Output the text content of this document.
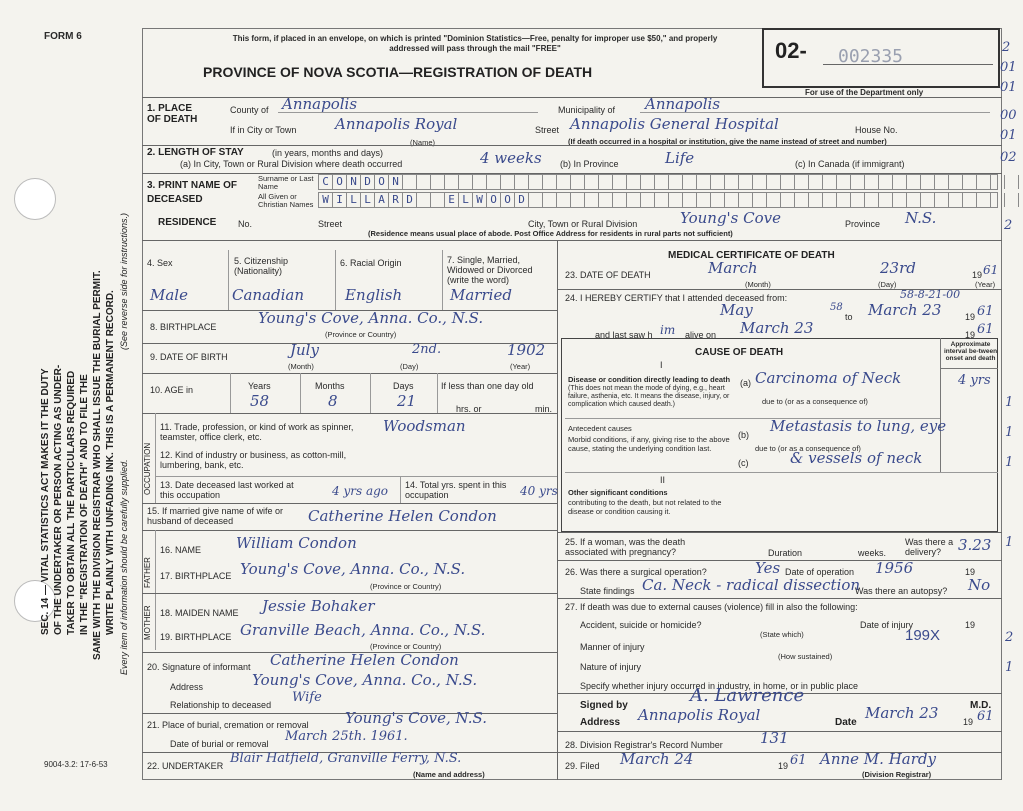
FORM 6
SEC. 14 — VITAL STATISTICS ACT MAKES IT THE DUTY OF THE UNDERTAKER OR PERSON ACTING AS UNDER- TAKER TO OBTAIN ALL THE PARTICULARS REQUIRED IN THE "REGISTRATION OF DEATH" AND TO FILE THE SAME WITH THE DIVISION REGISTRAR WHO SHALL ISSUE THE BURIAL PERMIT. WRITE PLAINLY WITH UNFADING INK. THIS IS A PERMANENT RECORD. Every item of information should be carefully supplied.
(See reverse side for instructions.)
9004-3.2: 17-6-53
This form, if placed in an envelope, on which is printed "Dominion Statistics—Free, penalty for improper use $50," and properly addressed will pass through the mail "FREE"
PROVINCE OF NOVA SCOTIA—REGISTRATION OF DEATH
02- 002335
For use of the Department only
2
01
01
00
02
01
2
1. PLACE OF DEATH
County of Annapolis	Municipality of Annapolis
If in City or Town	Annapolis Royal
(Name)
Street Annapolis General Hospital	House No.
(If death occurred in a hospital or institution, give the name instead of street and number)
2. LENGTH OF STAY	(in years, months and days)
(a) In City, Town or Rural Division where death occurred	4 weeks (b) In Province	Life	(c) In Canada (if immigrant)
3. PRINT NAME OF DECEASED
Surname or Last Name
All Given or Christian Names
C O N D O N
W I L L A R D	E L W O O D
RESIDENCE No.	Street	City, Town or Rural Division	Young's Cove	Province N.S.
(Residence means usual place of abode. Post Office Address for residents in rural parts not sufficient)
4. Sex	5. Citizenship (Nationality)
6. Racial Origin	7. Single, Married, Widowed or Divorced (write the word)
Male	Canadian	English	Married
8. BIRTHPLACE	Young's Cove, Anna. Co., N.S.
(Province or Country)
9. DATE OF BIRTH	July	2nd.	1902
(Month)	(Day)	(Year)
10. AGE in	Years	Months	Days
58	8	21
If less than one day old
hrs. or	min.
OCCUPATION
11. Trade, profession, or kind of work as spinner, teamster, office clerk, etc.
Woodsman
12. Kind of industry or business, as cotton-mill, lumbering, bank, etc.
13. Date deceased last worked at this occupation	4 yrs ago 14. Total yrs. spent in this occupation	40 yrs
15. If married give name of wife or husband of deceased	Catherine Helen Condon
FATHER
MOTHER
16. NAME William Condon
17. BIRTHPLACE Young's Cove, Anna. Co., N.S.
(Province or Country)
18. MAIDEN NAME Jessie Bohaker
19. BIRTHPLACE Granville Beach, Anna. Co., N.S.
(Province or Country)
20. Signature of informant Catherine Helen Condon
Address	Young's Cove, Anna. Co., N.S.
Relationship to deceased Wife
21. Place of burial, cremation or removal Young's Cove, N.S.
Date of burial or removal March 25th. 1961.
22. UNDERTAKER Blair Hatfield, Granville Ferry, N.S.
(Name and address)
MEDICAL CERTIFICATE OF DEATH
23. DATE OF DEATH	March	23rd	19 61
(Month)	(Day)	(Year)
24. I HEREBY CERTIFY that I attended deceased from:	58-8-21-00
May	58
to March 23	19 61
and last saw h im alive on March 23	19 61
CAUSE OF DEATH
Approximate interval be-tween onset and death
I
Disease or condition directly leading to death
(This does not mean the mode of dying, e.g., heart failure, asthenia, etc. It means the disease, injury, or complication which caused death.)
(a) Carcinoma of Neck	4 yrs
due to (or as a consequence of)
Antecedent causes
Morbid conditions, if any, giving rise to the above cause, stating the underlying condition last.
(b) Metastasis to lung, eye
due to (or as a consequence of)
(c)	& vessels of neck
II
Other significant conditions
contributing to the death, but not related to the disease or condition causing it.
25. If a woman, was the death associated with pregnancy?	Duration	weeks.
Was there a delivery?	3.23
26. Was there a surgical operation?	Yes Date of operation 1956	19
State findings Ca. Neck - radical dissection
Was there an autopsy? No
27. If death was due to external causes (violence) fill in also the following:
Accident, suicide or homicide?
(State which)
Date of injury	19
Manner of injury
199X
(How sustained)
Nature of injury
Specify whether injury occurred in industry, in home, or in public place
Signed by	A. Lawrence	M.D.
Address Annapolis Royal	Date
March 23	19 61
28. Division Registrar's Record Number 131
29. Filed March 24	19 61 Anne M. Hardy
(Division Registrar)
1
1
1
1
2
1
